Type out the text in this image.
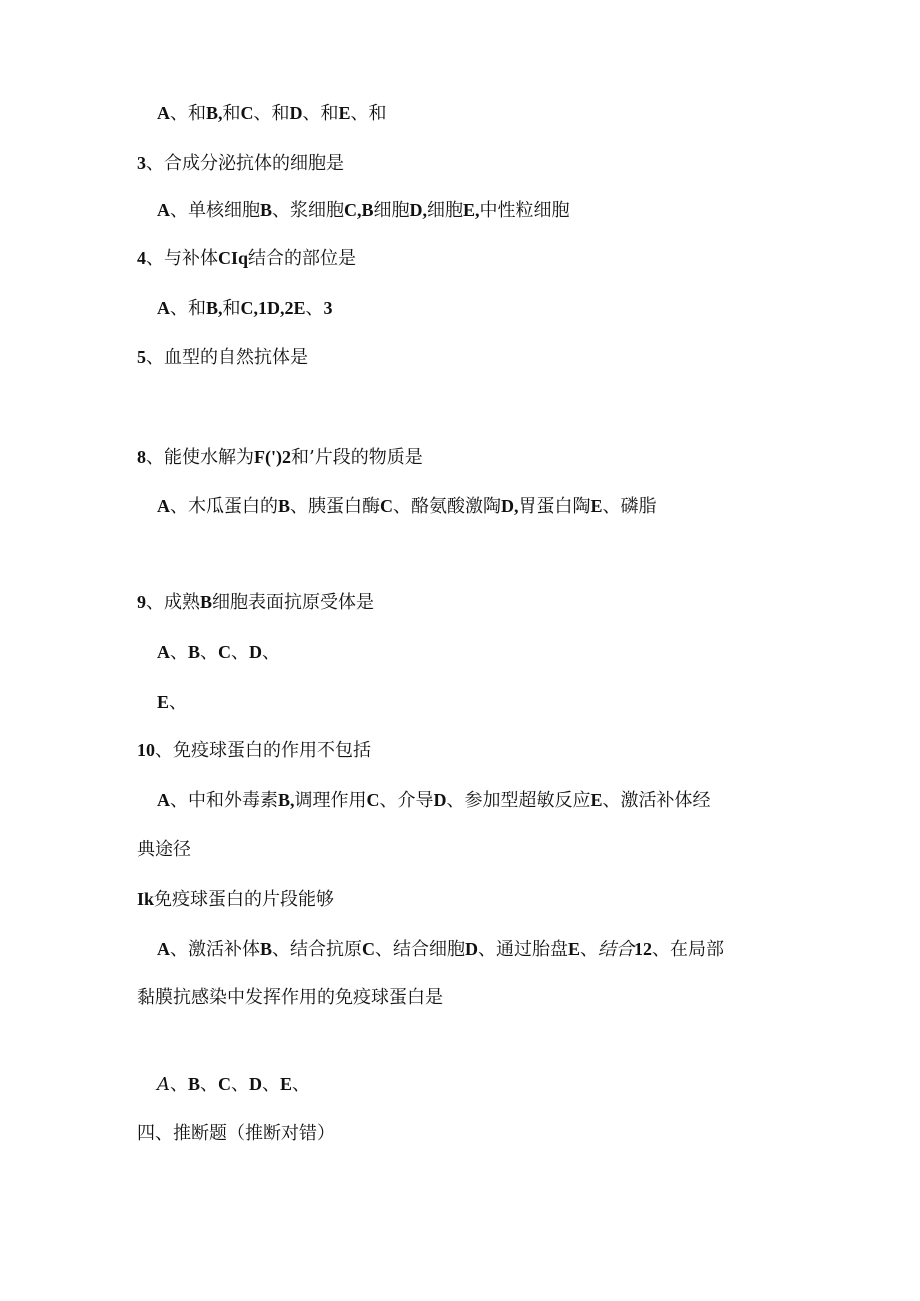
A、和B,和C、和D、和E、和
3、合成分泌抗体的细胞是
A、单核细胞B、浆细胞C,B细胞D,细胞E,中性粒细胞
4、与补体CIq结合的部位是
A、和B,和C,1D,2E、3
5、血型的自然抗体是
8、能使水解为F(')2和’片段的物质是
A、木瓜蛋白的B、胰蛋白酶C、酪氨酸激陶D,胃蛋白陶E、磷脂
9、成熟B细胞表面抗原受体是
A、B、C、D、
E、
10、免疫球蛋白的作用不包括
A、中和外毒素B,调理作用C、介导D、参加型超敏反应E、激活补体经
典途径
Ik免疫球蛋白的片段能够
A、激活补体B、结合抗原C、结合细胞D、通过胎盘E、结合12、在局部
黏膜抗感染中发挥作用的免疫球蛋白是
A、B、C、D、E、
四、推断题（推断对错）
